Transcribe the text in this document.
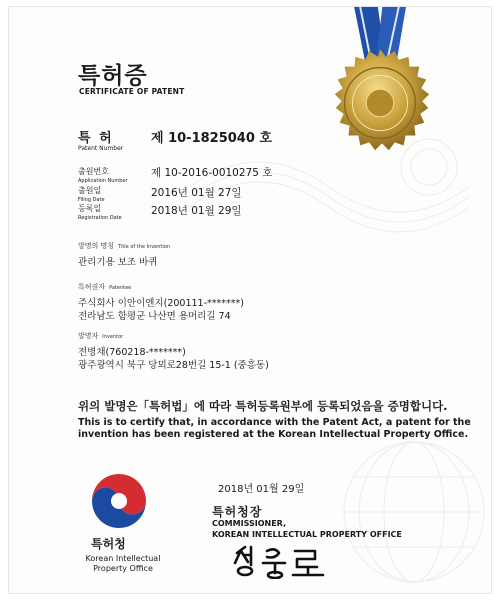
특허증
CERTIFICATE OF PATENT
특 허
Patent Number
제 10-1825040 호
출원번호
Application Number
제 10-2016-0010275 호
출원일
Filing Date
2016년 01월 27일
등록일
Registration Date
2018년 01월 29일
발명의 명칭 Title of the Invention
관리기용 보조 바퀴
특허권자 Patentee
주식회사 이안이엔지(200111-*******)
전라남도 함평군 나산면 용머리길 74
발명자 Inventor
전병채(760218-*******)
광주광역시 북구 당뫼로28번길 15-1 (중흥동)
위의 발명은「특허법」에 따라 특허등록원부에 등록되었음을 증명합니다.
This is to certify that, in accordance with the Patent Act, a patent for the invention has been registered at the Korean Intellectual Property Office.
특허청
Korean Intellectual
Property Office
2018년 01월 29일
특허청장
COMMISSIONER,
KOREAN INTELLECTUAL PROPERTY OFFICE
